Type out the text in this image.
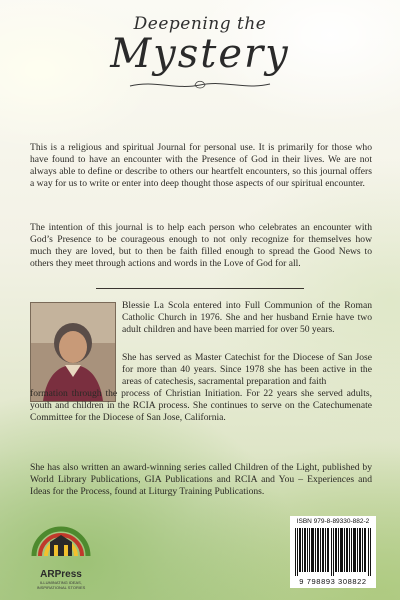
Deepening the
Mystery

This is a religious and spiritual Journal for personal use. It is primarily for those who have found to have an encounter with the Presence of God in their lives. We are not always able to define or describe to others our heartfelt encounters, so this journal offers a way for us to write or enter into deep thought those aspects of our spiritual encounter.

The intention of this journal is to help each person who celebrates an encounter with God’s Presence to be courageous enough to not only recognize for themselves how much they are loved, but to then be faith filled enough to spread the Good News to others they meet through actions and words in the Love of God for all.

Blessie La Scola entered into Full Communion of the Roman Catholic Church in 1976. She and her husband Ernie have two adult children and have been married for over 50 years.

She has served as Master Catechist for the Diocese of San Jose for more than 40 years. Since 1978 she has been active in the areas of catechesis, sacramental preparation and faith

formation through the process of Christian Initiation. For 22 years she served adults, youth and children in the RCIA process. She continues to serve on the Catechumenate Committee for the Diocese of San Jose, California.

She has also written an award-winning series called Children of the Light, published by World Library Publications, GIA Publications and RCIA and You – Experiences and Ideas for the Process, found at Liturgy Training Publications.

ARPress
ILLUMINATING IDEAS, INSPIRATIONAL STORIES
ISBN 979-8-89330-882-2
9 798893 308822
